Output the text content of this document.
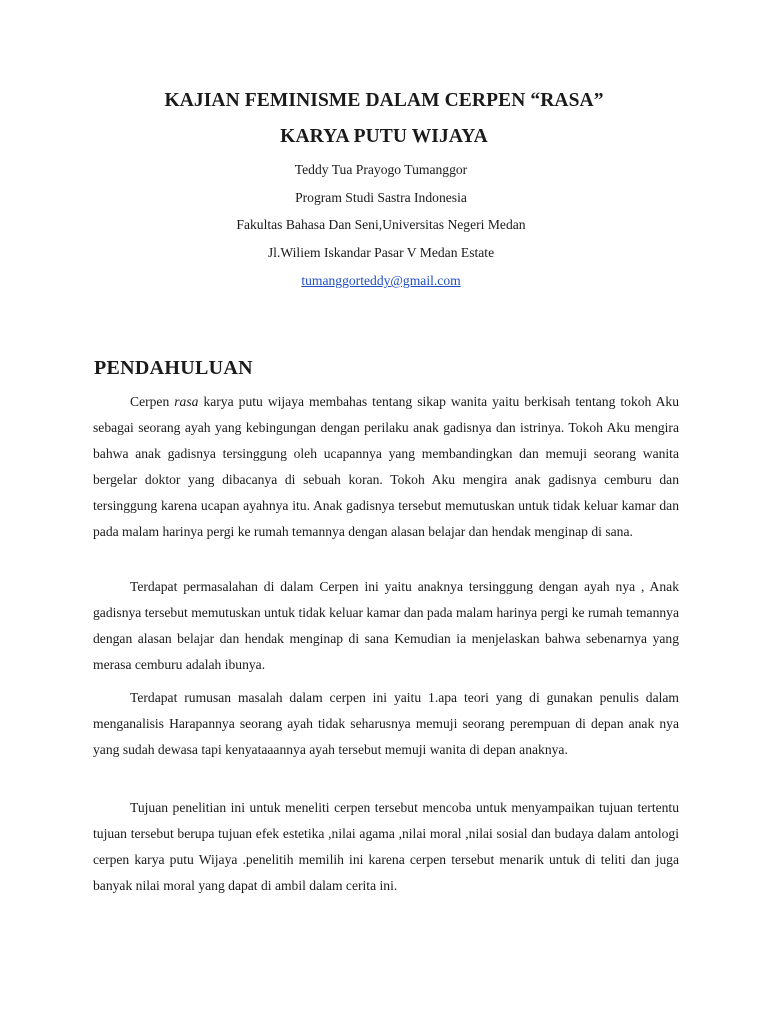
KAJIAN FEMINISME DALAM CERPEN “RASA”
KARYA PUTU WIJAYA
Teddy Tua Prayogo Tumanggor
Program Studi Sastra Indonesia
Fakultas Bahasa Dan Seni,Universitas Negeri Medan
Jl.Wiliem Iskandar Pasar V Medan Estate
tumanggorteddy@gmail.com
PENDAHULUAN

Cerpen rasa karya putu wijaya membahas tentang sikap wanita yaitu berkisah tentang tokoh Aku sebagai seorang ayah yang kebingungan dengan perilaku anak gadisnya dan istrinya. Tokoh Aku mengira bahwa anak gadisnya tersinggung oleh ucapannya yang membandingkan dan memuji seorang wanita bergelar doktor yang dibacanya di sebuah koran. Tokoh Aku mengira anak gadisnya cemburu dan tersinggung karena ucapan ayahnya itu. Anak gadisnya tersebut memutuskan untuk tidak keluar kamar dan pada malam harinya pergi ke rumah temannya dengan alasan belajar dan hendak menginap di sana.

Terdapat permasalahan di dalam Cerpen ini yaitu anaknya tersinggung dengan ayah nya , Anak gadisnya tersebut memutuskan untuk tidak keluar kamar dan pada malam harinya pergi ke rumah temannya dengan alasan belajar dan hendak menginap di sana Kemudian ia menjelaskan bahwa sebenarnya yang merasa cemburu adalah ibunya.

Terdapat rumusan masalah dalam cerpen ini yaitu 1.apa teori yang di gunakan penulis dalam menganalisis Harapannya seorang ayah tidak seharusnya memuji seorang perempuan di depan anak nya yang sudah dewasa tapi kenyataaannya ayah tersebut memuji wanita di depan anaknya.

Tujuan penelitian ini untuk meneliti cerpen tersebut mencoba untuk menyampaikan tujuan tertentu tujuan tersebut berupa tujuan efek estetika ,nilai agama ,nilai moral ,nilai sosial dan budaya dalam antologi cerpen karya putu Wijaya .penelitih memilih ini karena cerpen tersebut menarik untuk di teliti dan juga banyak nilai moral yang dapat di ambil dalam cerita ini.
